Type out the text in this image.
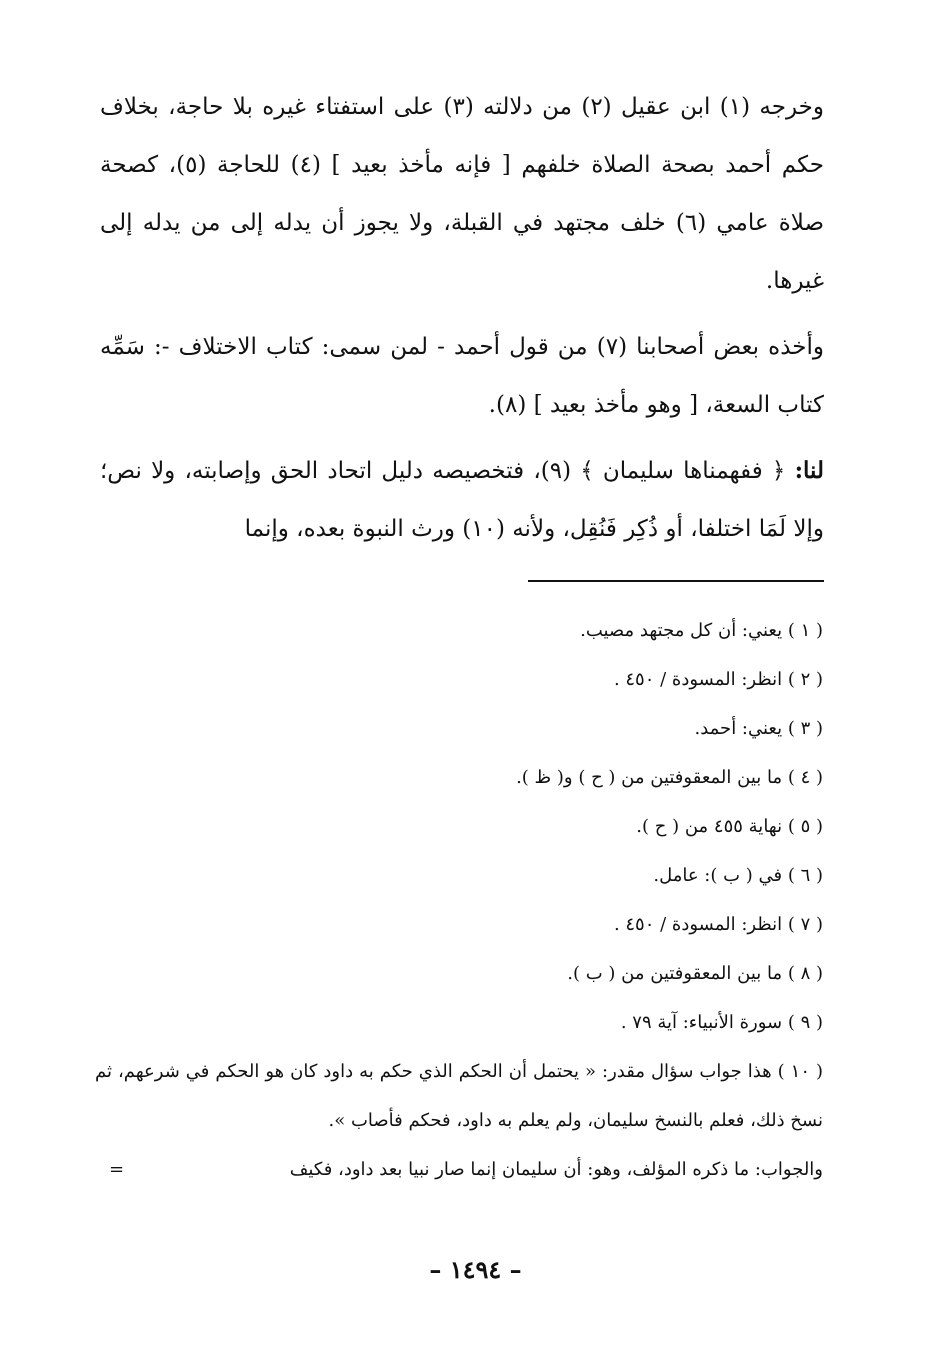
وخرجه (١) ابن عقيل (٢) من دلالته (٣) على استفتاء غيره بلا حاجة، بخلاف حكم أحمد بصحة الصلاة خلفهم [ فإنه مأخذ بعيد ] (٤) للحاجة (٥)، كصحة صلاة عامي (٦) خلف مجتهد في القبلة، ولا يجوز أن يدله إلى من يدله إلى غيرها.

وأخذه بعض أصحابنا (٧) من قول أحمد - لمن سمى: كتاب الاختلاف -: سَمِّه كتاب السعة، [ وهو مأخذ بعيد ] (٨).

لنا: ﴿ ففهمناها سليمان ﴾ (٩)، فتخصيصه دليل اتحاد الحق وإصابته، ولا نص؛ وإلا لَمَا اختلفا، أو ذُكِر فَنُقِل، ولأنه (١٠) ورث النبوة بعده، وإنما

( ١ ) يعني: أن كل مجتهد مصيب.
( ٢ ) انظر: المسودة / ٤٥٠ .
( ٣ ) يعني: أحمد.
( ٤ ) ما بين المعقوفتين من ( ح ) و( ظ ).
( ٥ ) نهاية ٤٥٥ من ( ح ).
( ٦ ) في ( ب ): عامل.
( ٧ ) انظر: المسودة / ٤٥٠ .
( ٨ ) ما بين المعقوفتين من ( ب ).
( ٩ ) سورة الأنبياء: آية ٧٩ .
( ١٠ ) هذا جواب سؤال مقدر: « يحتمل أن الحكم الذي حكم به داود كان هو الحكم في شرعهم، ثم نسخ ذلك، فعلم بالنسخ سليمان، ولم يعلم به داود، فحكم فأصاب ».
والجواب: ما ذكره المؤلف، وهو: أن سليمان إنما صار نبيا بعد داود، فكيف
=
– ١٤٩٤ –
